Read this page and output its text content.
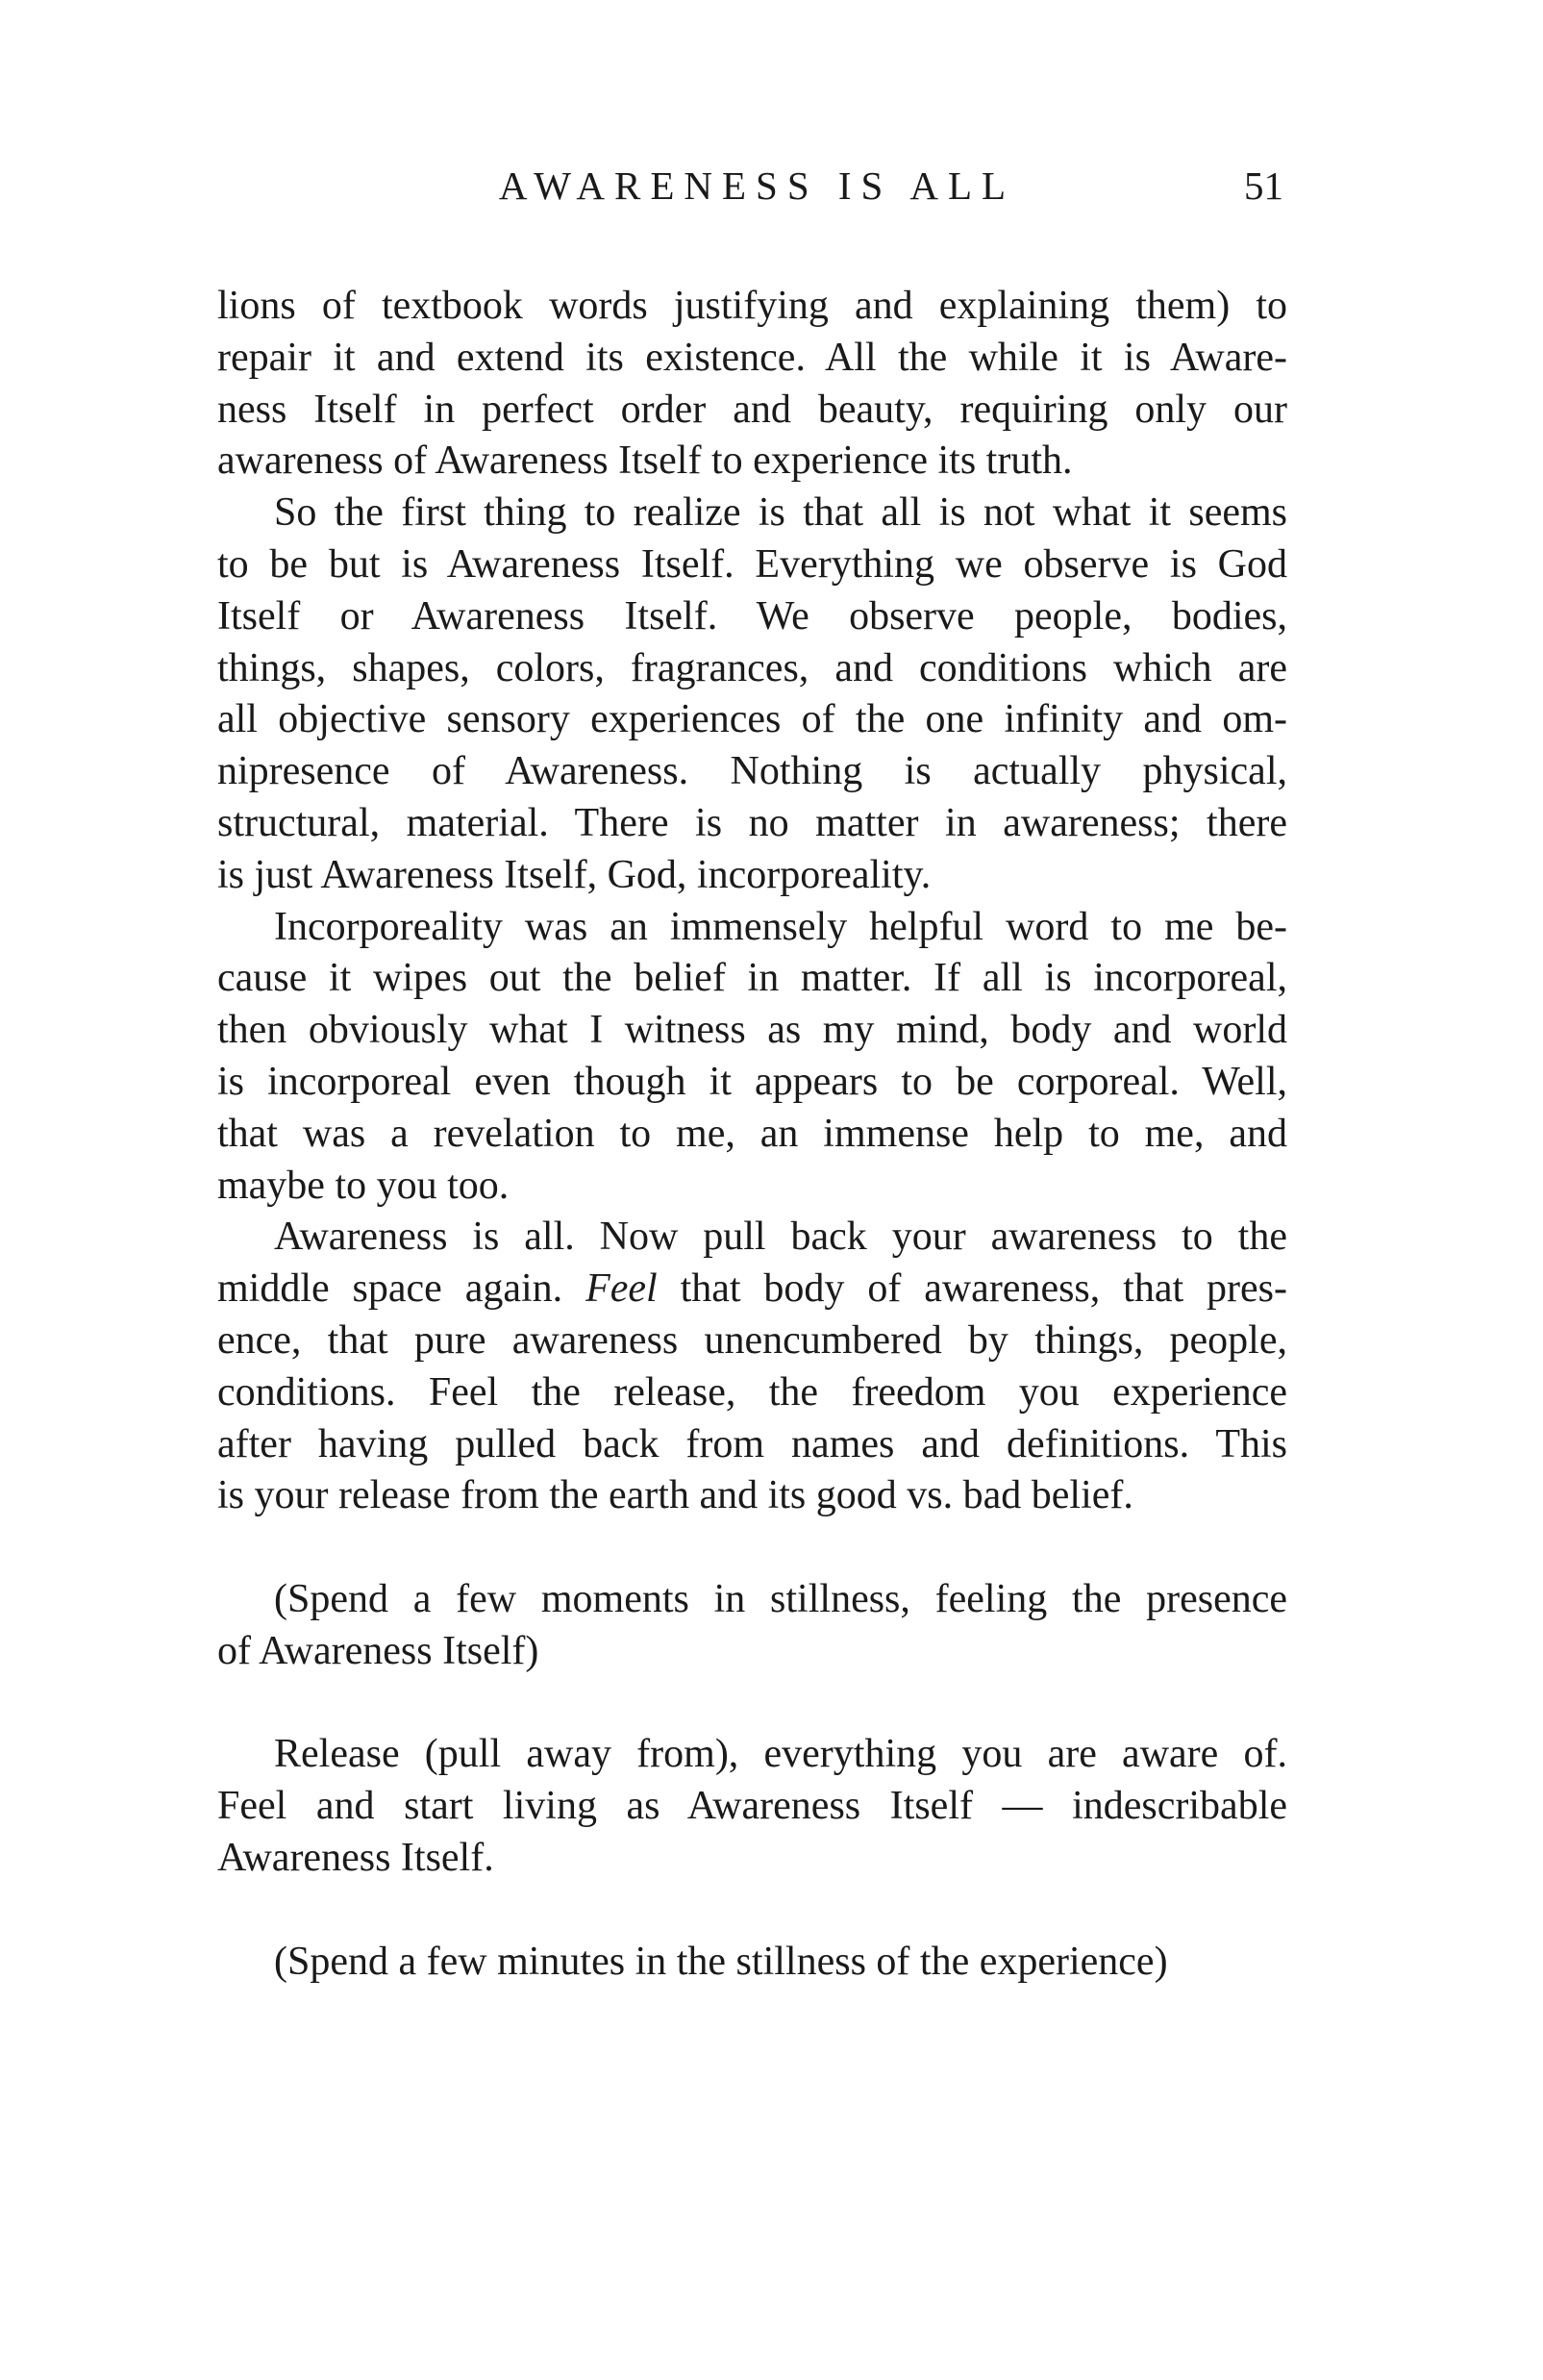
AWARENESS IS ALL	51
lions of textbook words justifying and explaining them) to
repair it and extend its existence. All the while it is Aware-
ness Itself in perfect order and beauty, requiring only our
awareness of Awareness Itself to experience its truth.
So the first thing to realize is that all is not what it seems
to be but is Awareness Itself. Everything we observe is God
Itself or Awareness Itself. We observe people, bodies,
things, shapes, colors, fragrances, and conditions which are
all objective sensory experiences of the one infinity and om-
nipresence of Awareness. Nothing is actually physical,
structural, material. There is no matter in awareness; there
is just Awareness Itself, God, incorporeality.
Incorporeality was an immensely helpful word to me be-
cause it wipes out the belief in matter. If all is incorporeal,
then obviously what I witness as my mind, body and world
is incorporeal even though it appears to be corporeal. Well,
that was a revelation to me, an immense help to me, and
maybe to you too.
Awareness is all. Now pull back your awareness to the
middle space again. Feel that body of awareness, that pres-
ence, that pure awareness unencumbered by things, people,
conditions. Feel the release, the freedom you experience
after having pulled back from names and definitions. This
is your release from the earth and its good vs. bad belief.
(Spend a few moments in stillness, feeling the presence
of Awareness Itself)
Release (pull away from), everything you are aware of.
Feel and start living as Awareness Itself — indescribable
Awareness Itself.
(Spend a few minutes in the stillness of the experience)
